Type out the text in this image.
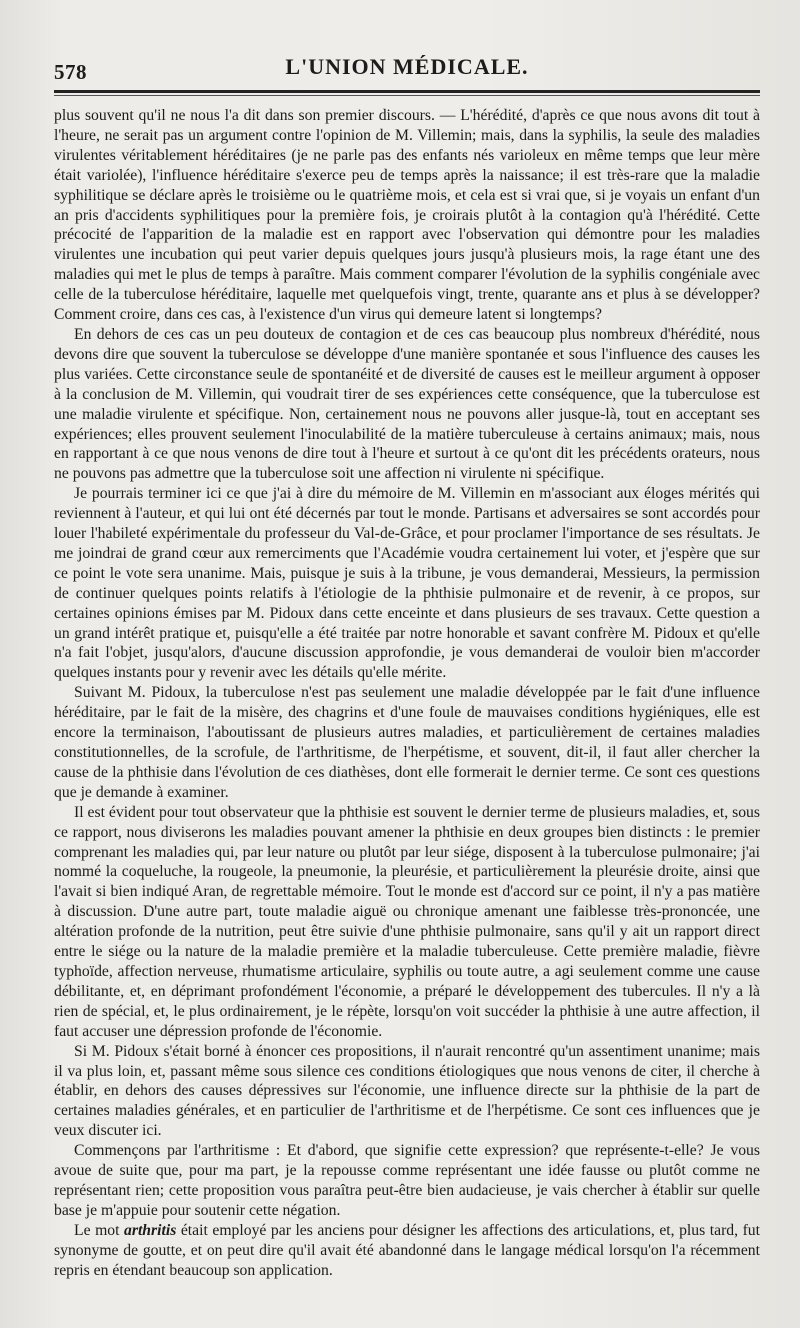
578	L'UNION MÉDICALE.

plus souvent qu'il ne nous l'a dit dans son premier discours. — L'hérédité, d'après ce que nous avons dit tout à l'heure, ne serait pas un argument contre l'opinion de M. Villemin; mais, dans la syphilis, la seule des maladies virulentes véritablement héréditaires (je ne parle pas des enfants nés varioleux en même temps que leur mère était variolée), l'influence héréditaire s'exerce peu de temps après la naissance; il est très-rare que la maladie syphilitique se déclare après le troisième ou le quatrième mois, et cela est si vrai que, si je voyais un enfant d'un an pris d'accidents syphilitiques pour la première fois, je croirais plutôt à la contagion qu'à l'hérédité. Cette précocité de l'apparition de la maladie est en rapport avec l'observation qui démontre pour les maladies virulentes une incubation qui peut varier depuis quelques jours jusqu'à plusieurs mois, la rage étant une des maladies qui met le plus de temps à paraître. Mais comment comparer l'évolution de la syphilis congéniale avec celle de la tuberculose héréditaire, laquelle met quelquefois vingt, trente, quarante ans et plus à se développer? Comment croire, dans ces cas, à l'existence d'un virus qui demeure latent si longtemps?

En dehors de ces cas un peu douteux de contagion et de ces cas beaucoup plus nombreux d'hérédité, nous devons dire que souvent la tuberculose se développe d'une manière spontanée et sous l'influence des causes les plus variées. Cette circonstance seule de spontanéité et de diversité de causes est le meilleur argument à opposer à la conclusion de M. Villemin, qui voudrait tirer de ses expériences cette conséquence, que la tuberculose est une maladie virulente et spécifique. Non, certainement nous ne pouvons aller jusque-là, tout en acceptant ses expériences; elles prouvent seulement l'inoculabilité de la matière tuberculeuse à certains animaux; mais, nous en rapportant à ce que nous venons de dire tout à l'heure et surtout à ce qu'ont dit les précédents orateurs, nous ne pouvons pas admettre que la tuberculose soit une affection ni virulente ni spécifique.

Je pourrais terminer ici ce que j'ai à dire du mémoire de M. Villemin en m'associant aux éloges mérités qui reviennent à l'auteur, et qui lui ont été décernés par tout le monde. Partisans et adversaires se sont accordés pour louer l'habileté expérimentale du professeur du Val-de-Grâce, et pour proclamer l'importance de ses résultats. Je me joindrai de grand cœur aux remerciments que l'Académie voudra certainement lui voter, et j'espère que sur ce point le vote sera unanime. Mais, puisque je suis à la tribune, je vous demanderai, Messieurs, la permission de continuer quelques points relatifs à l'étiologie de la phthisie pulmonaire et de revenir, à ce propos, sur certaines opinions émises par M. Pidoux dans cette enceinte et dans plusieurs de ses travaux. Cette question a un grand intérêt pratique et, puisqu'elle a été traitée par notre honorable et savant confrère M. Pidoux et qu'elle n'a fait l'objet, jusqu'alors, d'aucune discussion approfondie, je vous demanderai de vouloir bien m'accorder quelques instants pour y revenir avec les détails qu'elle mérite.

Suivant M. Pidoux, la tuberculose n'est pas seulement une maladie développée par le fait d'une influence héréditaire, par le fait de la misère, des chagrins et d'une foule de mauvaises conditions hygiéniques, elle est encore la terminaison, l'aboutissant de plusieurs autres maladies, et particulièrement de certaines maladies constitutionnelles, de la scrofule, de l'arthritisme, de l'herpétisme, et souvent, dit-il, il faut aller chercher la cause de la phthisie dans l'évolution de ces diathèses, dont elle formerait le dernier terme. Ce sont ces questions que je demande à examiner.

Il est évident pour tout observateur que la phthisie est souvent le dernier terme de plusieurs maladies, et, sous ce rapport, nous diviserons les maladies pouvant amener la phthisie en deux groupes bien distincts : le premier comprenant les maladies qui, par leur nature ou plutôt par leur siége, disposent à la tuberculose pulmonaire; j'ai nommé la coqueluche, la rougeole, la pneumonie, la pleurésie, et particulièrement la pleurésie droite, ainsi que l'avait si bien indiqué Aran, de regrettable mémoire. Tout le monde est d'accord sur ce point, il n'y a pas matière à discussion. D'une autre part, toute maladie aiguë ou chronique amenant une faiblesse très-prononcée, une altération profonde de la nutrition, peut être suivie d'une phthisie pulmonaire, sans qu'il y ait un rapport direct entre le siége ou la nature de la maladie première et la maladie tuberculeuse. Cette première maladie, fièvre typhoïde, affection nerveuse, rhumatisme articulaire, syphilis ou toute autre, a agi seulement comme une cause débilitante, et, en déprimant profondément l'économie, a préparé le développement des tubercules. Il n'y a là rien de spécial, et, le plus ordinairement, je le répète, lorsqu'on voit succéder la phthisie à une autre affection, il faut accuser une dépression profonde de l'économie.

Si M. Pidoux s'était borné à énoncer ces propositions, il n'aurait rencontré qu'un assentiment unanime; mais il va plus loin, et, passant même sous silence ces conditions étiologiques que nous venons de citer, il cherche à établir, en dehors des causes dépressives sur l'économie, une influence directe sur la phthisie de la part de certaines maladies générales, et en particulier de l'arthritisme et de l'herpétisme. Ce sont ces influences que je veux discuter ici.

Commençons par l'arthritisme : Et d'abord, que signifie cette expression? que représente-t-elle? Je vous avoue de suite que, pour ma part, je la repousse comme représentant une idée fausse ou plutôt comme ne représentant rien; cette proposition vous paraîtra peut-être bien audacieuse, je vais chercher à établir sur quelle base je m'appuie pour soutenir cette négation.

Le mot arthritis était employé par les anciens pour désigner les affections des articulations, et, plus tard, fut synonyme de goutte, et on peut dire qu'il avait été abandonné dans le langage médical lorsqu'on l'a récemment repris en étendant beaucoup son application.
